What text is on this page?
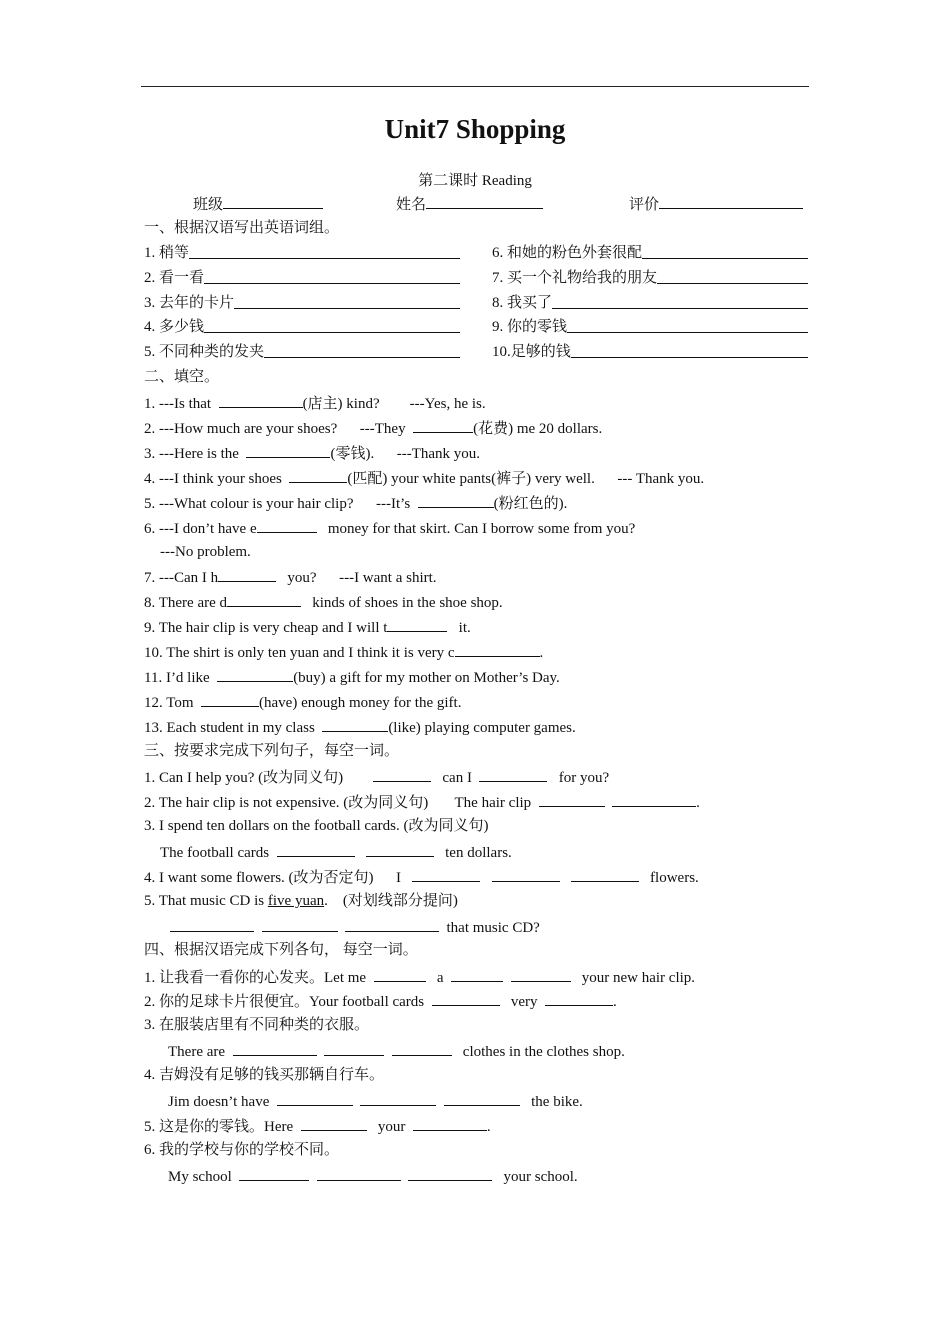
Unit7 Shopping
第二课时 Reading
班级	姓名	评价
一、根据汉语写出英语词组。
1. 稍等
2. 看一看
3. 去年的卡片
4. 多少钱
5. 不同种类的发夹
6. 和她的粉色外套很配
7. 买一个礼物给我的朋友
8. 我买了
9. 你的零钱
10.足够的钱
二、填空。
1. ---Is that	(店主) kind? ---Yes, he is.
2. ---How much are your shoes? ---They	(花费) me 20 dollars.
3. ---Here is the	(零钱). ---Thank you.
4. ---I think your shoes	(匹配) your white pants(裤子) very well. --- Thank you.
5. ---What colour is your hair clip? ---It’s	(粉红色的).
6. ---I don’t have e	money for that skirt. Can I borrow some from you?
---No problem.
7. ---Can I h	you? ---I want a shirt.
8. There are d	kinds of shoes in the shoe shop.
9. The hair clip is very cheap and I will t	it.
10. The shirt is only ten yuan and I think it is very c	.
11. I’d like	(buy) a gift for my mother on Mother’s Day.
12. Tom	(have) enough money for the gift.
13. Each student in my class	(like) playing computer games.
三、按要求完成下列句子，每空一词。
1. Can I help you? (改为同义句)	can I	for you?
2. The hair clip is not expensive. (改为同义句) The hair clip	.
3. I spend ten dollars on the football cards. (改为同义句)
The football cards	ten dollars.
4. I want some flowers. (改为否定句) I	flowers.
5. That music CD is five yuan. (对划线部分提问)
that music CD?
四、根据汉语完成下列各句， 每空一词。
1. 让我看一看你的心发夹。Let me	a	your new hair clip.
2. 你的足球卡片很便宜。Your football cards	very	.
3. 在服装店里有不同种类的衣服。
There are	clothes in the clothes shop.
4. 吉姆没有足够的钱买那辆自行车。
Jim doesn’t have	the bike.
5. 这是你的零钱。Here	your	.
6. 我的学校与你的学校不同。
My school	your school.
